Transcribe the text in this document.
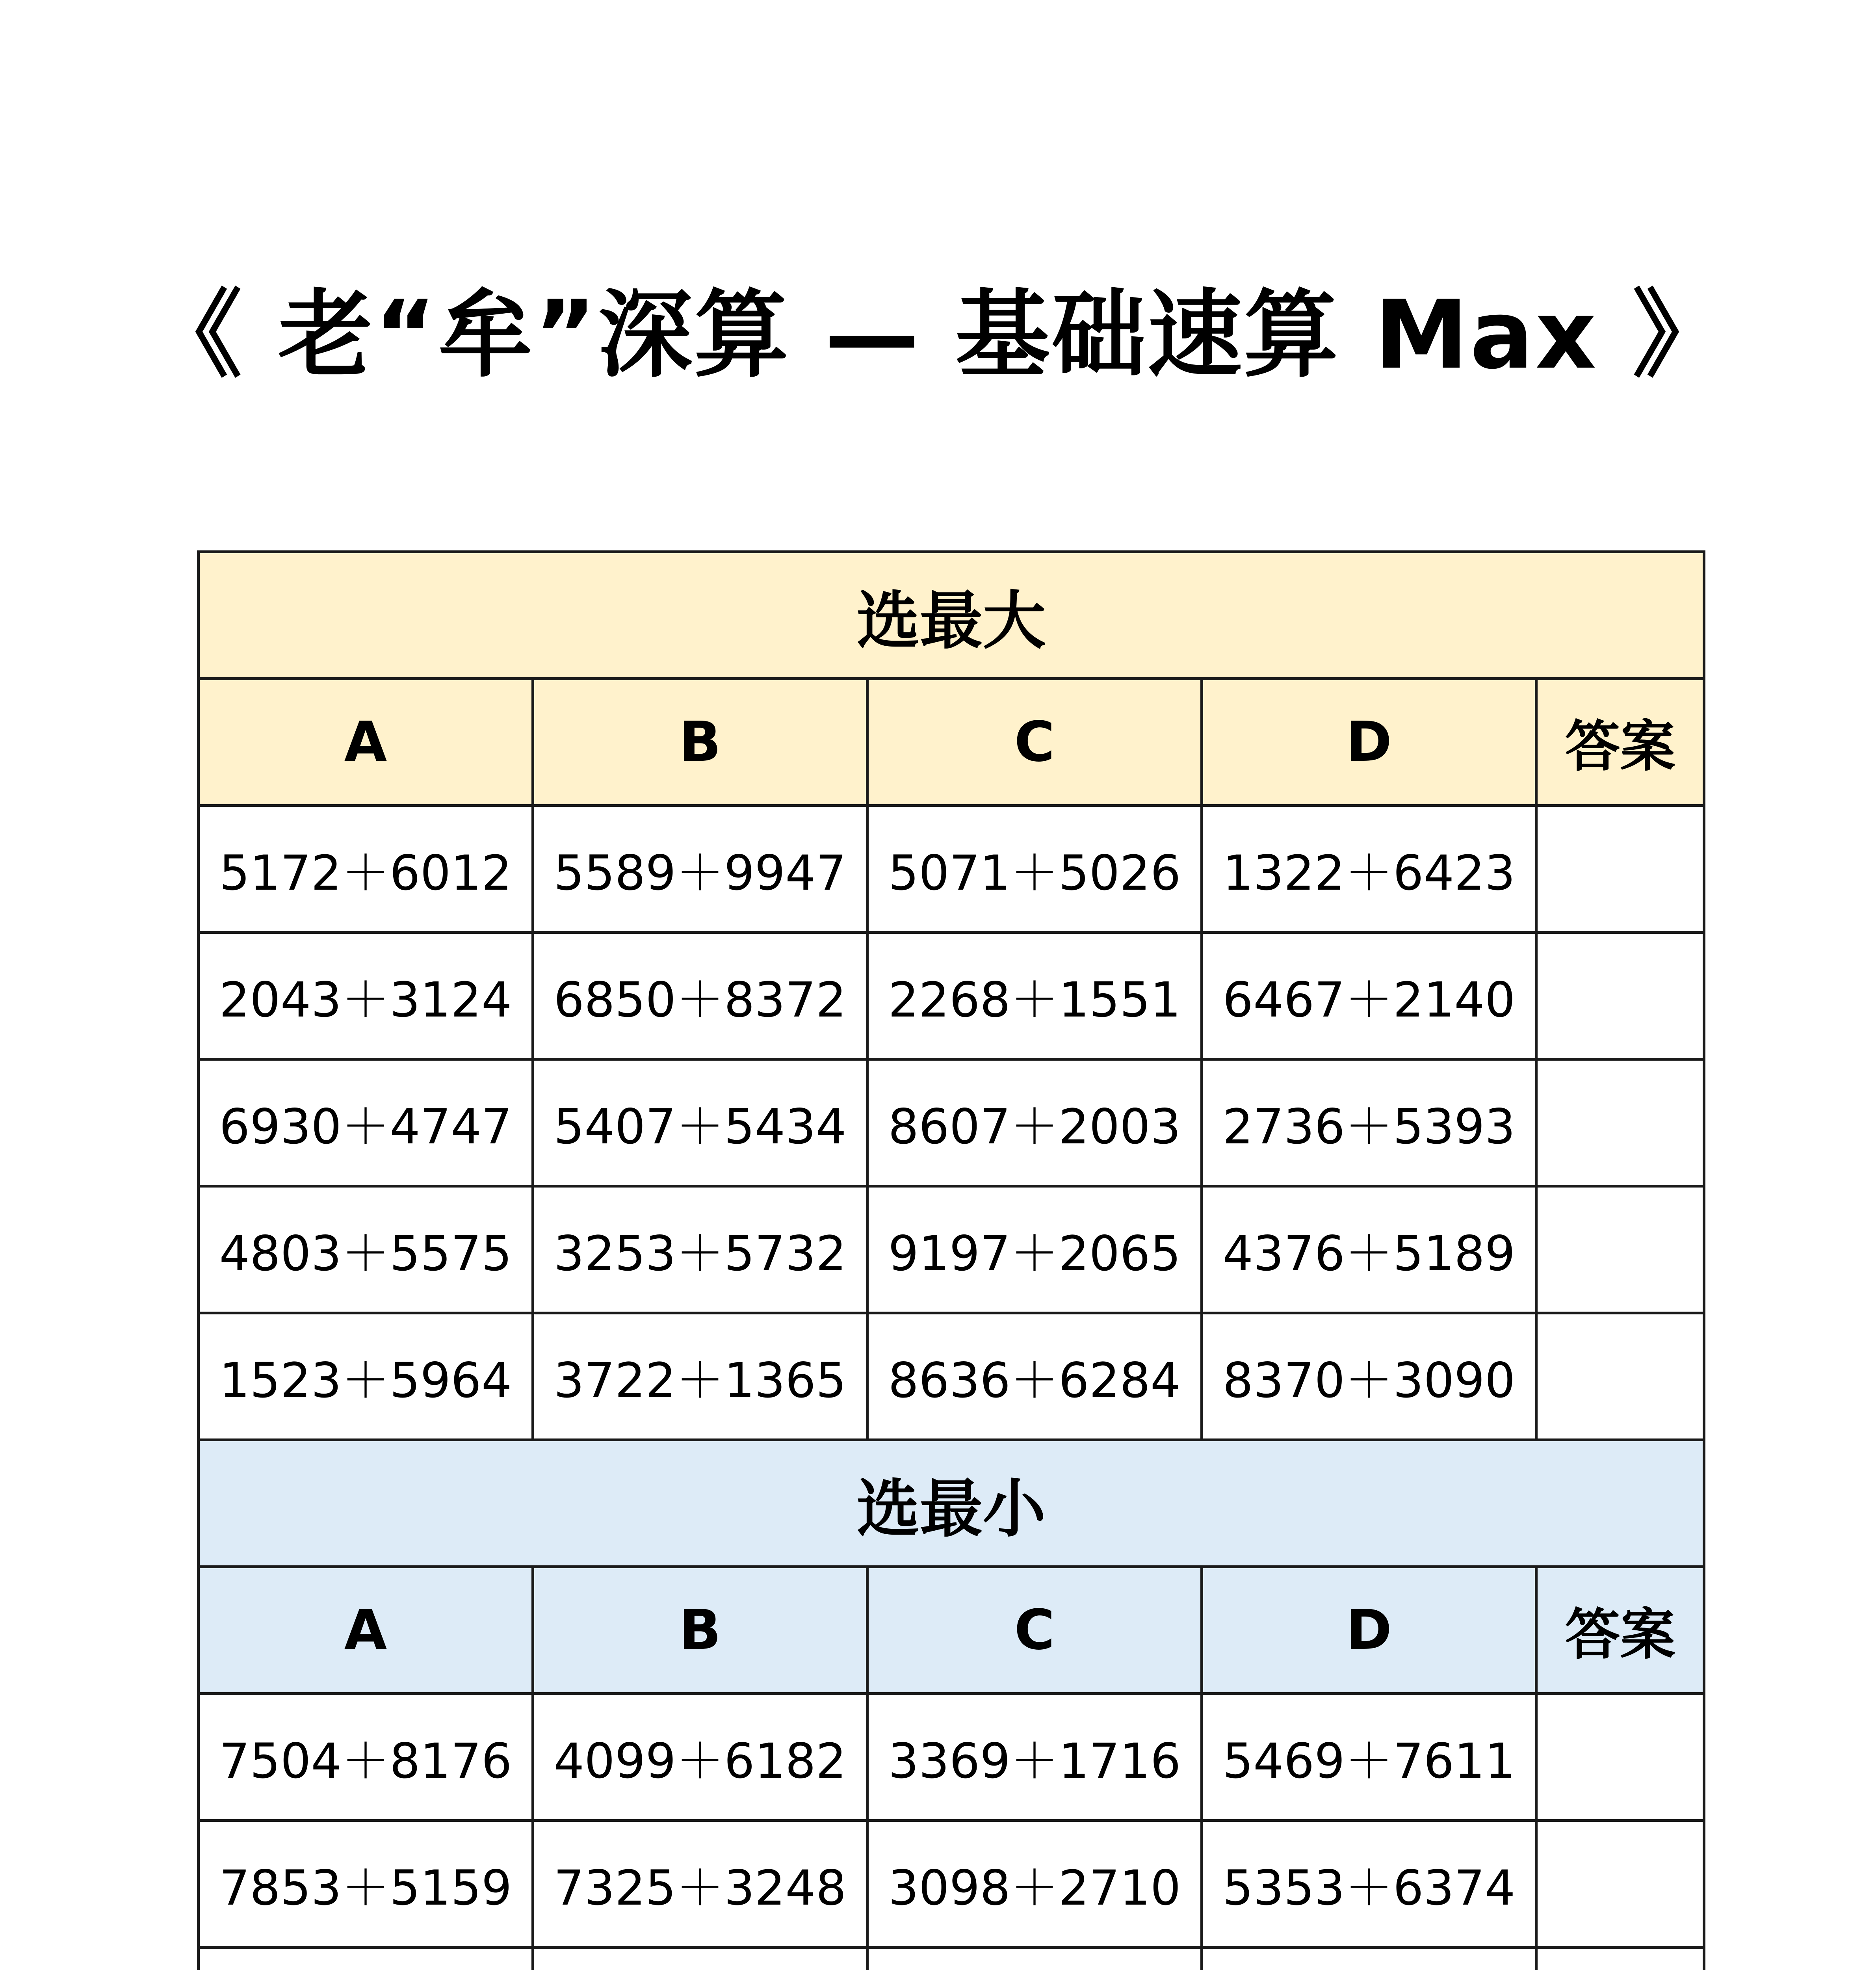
《 老“牟”深算 — 基础速算 Max 》
选最大				
A	B	C	D	答案
5172＋6012	5589＋9947	5071＋5026	1322＋6423	
2043＋3124	6850＋8372	2268＋1551	6467＋2140	
6930＋4747	5407＋5434	8607＋2003	2736＋5393	
4803＋5575	3253＋5732	9197＋2065	4376＋5189	
1523＋5964	3722＋1365	8636＋6284	8370＋3090	
选最小				
A	B	C	D	答案
7504＋8176	4099＋6182	3369＋1716	5469＋7611	
7853＋5159	7325＋3248	3098＋2710	5353＋6374	
